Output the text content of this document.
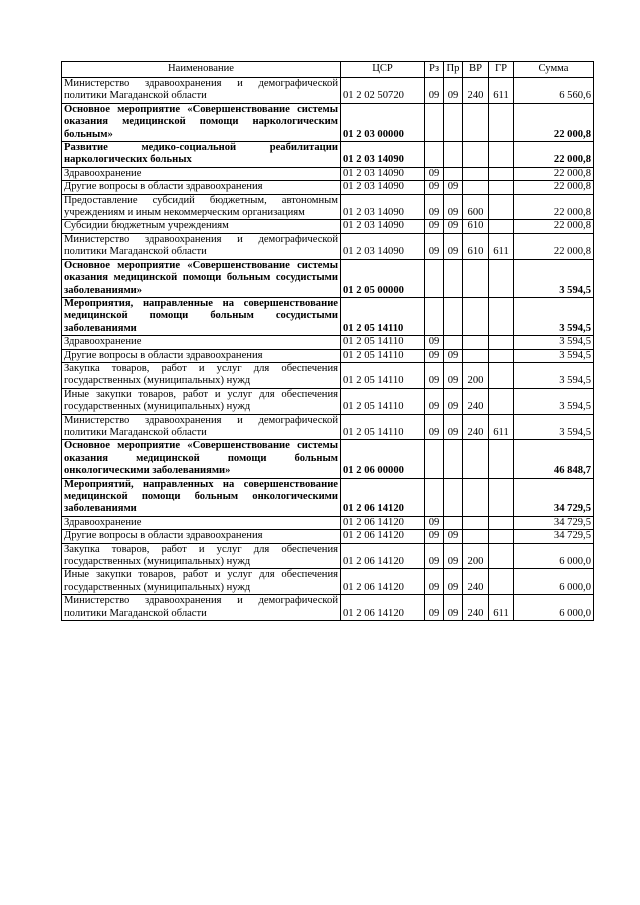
Наименование	ЦСР	Рз	Пр	ВР	ГР	Сумма
Министерство здравоохранения и демографической политики Магаданской области	01 2 02 50720	09	09	240	611	6 560,6
Основное мероприятие «Совершенствование системы оказания медицинской помощи наркологическим больным»	01 2 03 00000					22 000,8
Развитие медико-социальной реабилитации наркологических больных	01 2 03 14090					22 000,8
Здравоохранение	01 2 03 14090	09				22 000,8
Другие вопросы в области здравоохранения	01 2 03 14090	09	09			22 000,8
Предоставление субсидий бюджетным, автономным учреждениям и иным некоммерческим организациям	01 2 03 14090	09	09	600		22 000,8
Субсидии бюджетным учреждениям	01 2 03 14090	09	09	610		22 000,8
Министерство здравоохранения и демографической политики Магаданской области	01 2 03 14090	09	09	610	611	22 000,8
Основное мероприятие «Совершенствование системы оказания медицинской помощи больным сосудистыми заболеваниями»	01 2 05 00000					3 594,5
Мероприятия, направленные на совершенствование медицинской помощи больным сосудистыми заболеваниями	01 2 05 14110					3 594,5
Здравоохранение	01 2 05 14110	09				3 594,5
Другие вопросы в области здравоохранения	01 2 05 14110	09	09			3 594,5
Закупка товаров, работ и услуг для обеспечения государственных (муниципальных) нужд	01 2 05 14110	09	09	200		3 594,5
Иные закупки товаров, работ и услуг для обеспечения государственных (муниципальных) нужд	01 2 05 14110	09	09	240		3 594,5
Министерство здравоохранения и демографической политики Магаданской области	01 2 05 14110	09	09	240	611	3 594,5
Основное мероприятие «Совершенствование системы оказания медицинской помощи больным онкологическими заболеваниями»	01 2 06 00000					46 848,7
Мероприятий, направленных на совершенствование медицинской помощи больным онкологическими заболеваниями	01 2 06 14120					34 729,5
Здравоохранение	01 2 06 14120	09				34 729,5
Другие вопросы в области здравоохранения	01 2 06 14120	09	09			34 729,5
Закупка товаров, работ и услуг для обеспечения государственных (муниципальных) нужд	01 2 06 14120	09	09	200		6 000,0
Иные закупки товаров, работ и услуг для обеспечения государственных (муниципальных) нужд	01 2 06 14120	09	09	240		6 000,0
Министерство здравоохранения и демографической политики Магаданской области	01 2 06 14120	09	09	240	611	6 000,0
